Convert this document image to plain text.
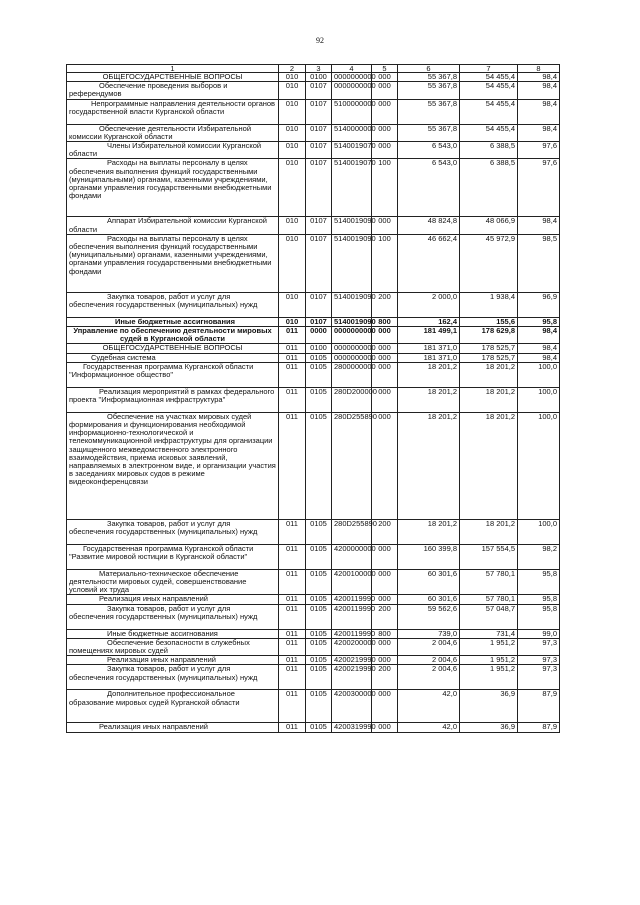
92
1	2	3	4	5	6	7	8
ОБЩЕГОСУДАРСТВЕННЫЕ ВОПРОСЫ	010	0100	0000000000	000	55 367,8	54 455,4	98,4
Обеспечение проведения выборов и референдумов	010	0107	0000000000	000	55 367,8	54 455,4	98,4
Непрограммные направления деятельности органов государственной власти Курганской области	010	0107	5100000000	000	55 367,8	54 455,4	98,4
Обеспечение деятельности Избирательной комиссии Курганской области	010	0107	5140000000	000	55 367,8	54 455,4	98,4
Члены Избирательной комиссии Курганской области	010	0107	5140019070	000	6 543,0	6 388,5	97,6
Расходы на выплаты персоналу в целях обеспечения выполнения функций государственными (муниципальными) органами, казенными учреждениями, органами управления государственными внебюджетными фондами	010	0107	5140019070	100	6 543,0	6 388,5	97,6
Аппарат Избирательной комиссии Курганской области	010	0107	5140019090	000	48 824,8	48 066,9	98,4
Расходы на выплаты персоналу в целях обеспечения выполнения функций государственными (муниципальными) органами, казенными учреждениями, органами управления государственными внебюджетными фондами	010	0107	5140019090	100	46 662,4	45 972,9	98,5
Закупка товаров, работ и услуг для обеспечения государственных (муниципальных) нужд	010	0107	5140019090	200	2 000,0	1 938,4	96,9
Иные бюджетные ассигнования	010	0107	5140019090	800	162,4	155,6	95,8
Управление по обеспечению деятельности мировых судей в Курганской области	011	0000	0000000000	000	181 499,1	178 629,8	98,4
ОБЩЕГОСУДАРСТВЕННЫЕ ВОПРОСЫ	011	0100	0000000000	000	181 371,0	178 525,7	98,4
Судебная система	011	0105	0000000000	000	181 371,0	178 525,7	98,4
Государственная программа Курганской области "Информационное общество"	011	0105	2800000000	000	18 201,2	18 201,2	100,0
Реализация мероприятий в рамках федерального проекта "Информационная инфраструктура"	011	0105	280D200000	000	18 201,2	18 201,2	100,0
Обеспечение на участках мировых судей формирования и функционирования необходимой информационно-технологической и телекоммуникационной инфраструктуры для организации защищенного межведомственного электронного взаимодействия, приема исковых заявлений, направляемых в электронном виде, и организации участия в заседаниях мировых судов в режиме видеоконференцсвязи	011	0105	280D255890	000	18 201,2	18 201,2	100,0
Закупка товаров, работ и услуг для обеспечения государственных (муниципальных) нужд	011	0105	280D255890	200	18 201,2	18 201,2	100,0
Государственная программа Курганской области "Развитие мировой юстиции в Курганской области"	011	0105	4200000000	000	160 399,8	157 554,5	98,2
Материально-техническое обеспечение деятельности мировых судей, совершенствование условий их труда	011	0105	4200100000	000	60 301,6	57 780,1	95,8
Реализация иных направлений	011	0105	4200119990	000	60 301,6	57 780,1	95,8
Закупка товаров, работ и услуг для обеспечения государственных (муниципальных) нужд	011	0105	4200119990	200	59 562,6	57 048,7	95,8
Иные бюджетные ассигнования	011	0105	4200119990	800	739,0	731,4	99,0
Обеспечение безопасности в служебных помещениях мировых судей	011	0105	4200200000	000	2 004,6	1 951,2	97,3
Реализация иных направлений	011	0105	4200219990	000	2 004,6	1 951,2	97,3
Закупка товаров, работ и услуг для обеспечения государственных (муниципальных) нужд	011	0105	4200219990	200	2 004,6	1 951,2	97,3
Дополнительное профессиональное образование мировых судей Курганской области	011	0105	4200300000	000	42,0	36,9	87,9
Реализация иных направлений	011	0105	4200319990	000	42,0	36,9	87,9
